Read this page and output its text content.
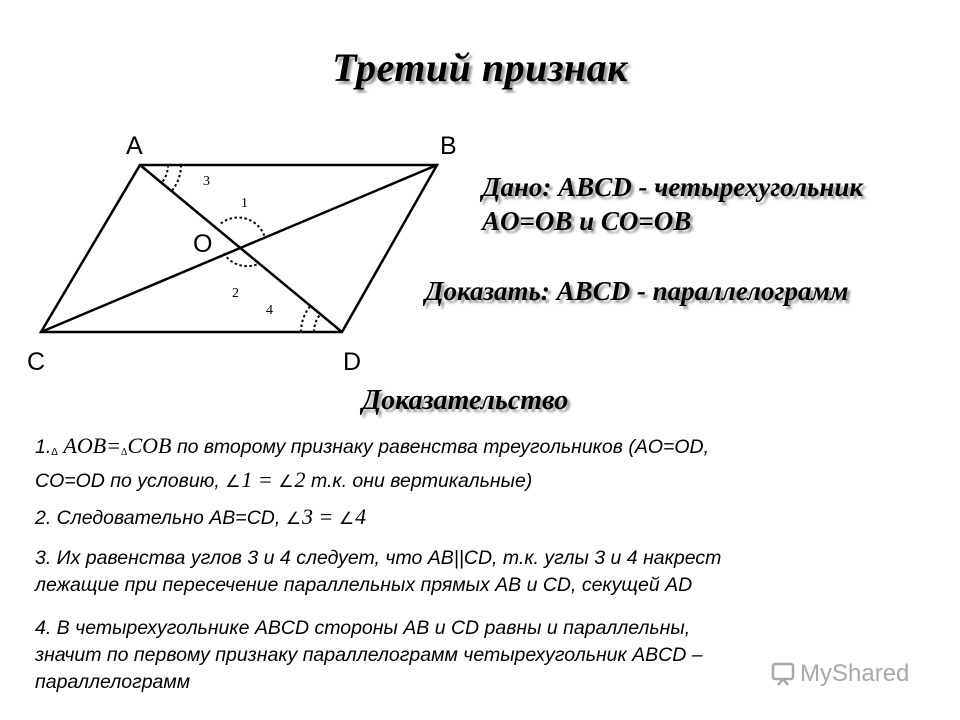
Третий признак
A	B
C	D
O
1
2
3
4
Дано: ABCD - четырехугольник
AO=OB и CO=OB
Доказать: ABCD - параллелограмм
Доказательство
1.Δ AOB=ΔCOB по второму признаку равенства треугольников (AO=OD,
CO=OD по условию, ∠1 = ∠2 т.к. они вертикальные)
2. Следовательно AB=CD, ∠3 = ∠4
3. Их равенства углов 3 и 4 следует, что AB||CD, т.к. углы 3 и 4 накрест
лежащие при пересечение параллельных прямых AB и CD, секущей AD
4. В четырехугольнике ABCD стороны AB и CD равны и параллельны,
значит по первому признаку параллелограмм четырехугольник ABCD –
параллелограмм	MyShared
